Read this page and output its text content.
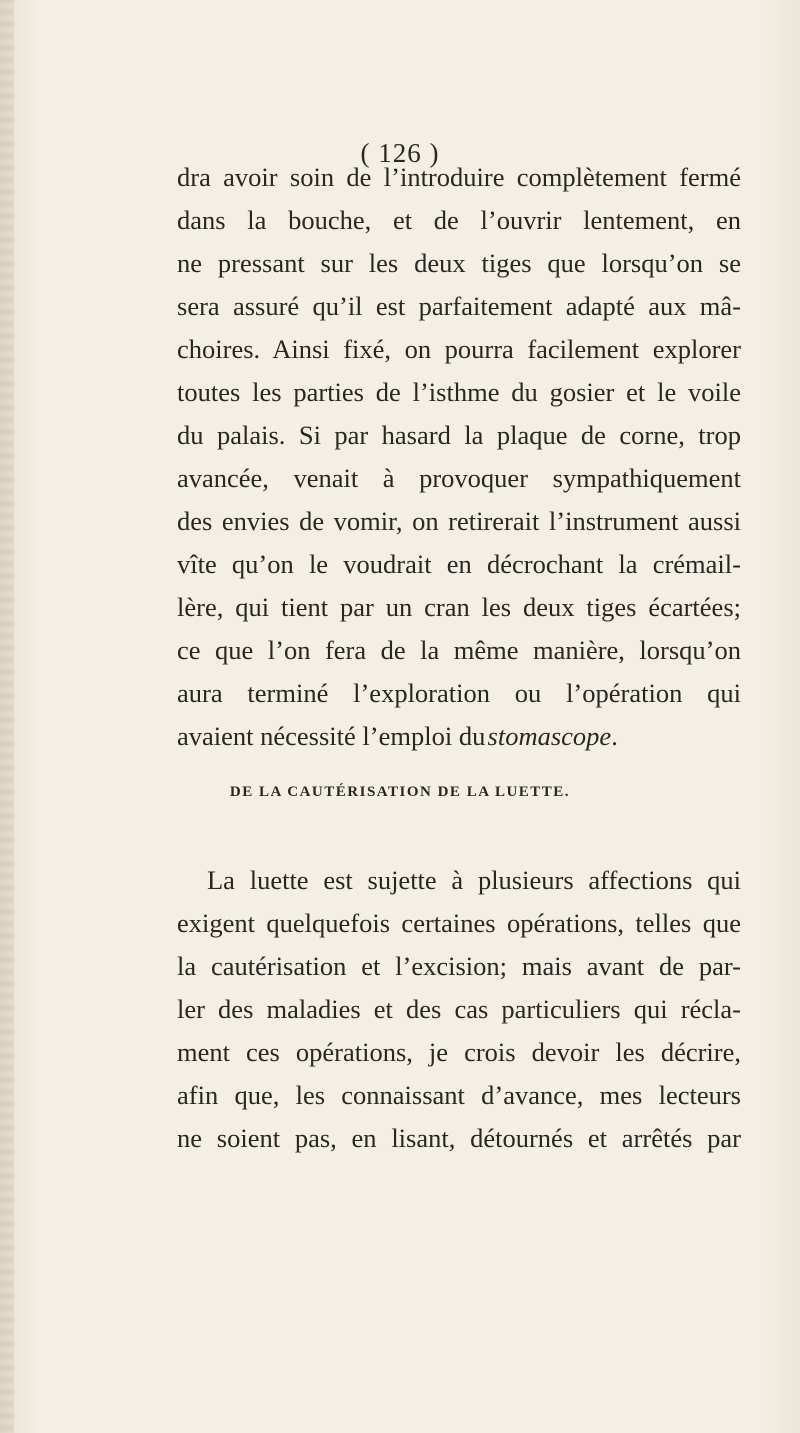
( 126 )
dra avoir soin de l’introduire complètement fermé
dans la bouche, et de l’ouvrir lentement, en
ne pressant sur les deux tiges que lorsqu’on se
sera assuré qu’il est parfaitement adapté aux mâ-
choires. Ainsi fixé, on pourra facilement explorer
toutes les parties de l’isthme du gosier et le voile
du palais. Si par hasard la plaque de corne, trop
avancée, venait à provoquer sympathiquement
des envies de vomir, on retirerait l’instrument aussi
vîte qu’on le voudrait en décrochant la crémail-
lère, qui tient par un cran les deux tiges écartées;
ce que l’on fera de la même manière, lorsqu’on
aura terminé l’exploration ou l’opération qui
avaient nécessité l’emploi du stomascope.
DE LA CAUTÉRISATION DE LA LUETTE.
La luette est sujette à plusieurs affections qui
exigent quelquefois certaines opérations, telles que
la cautérisation et l’excision; mais avant de par-
ler des maladies et des cas particuliers qui récla-
ment ces opérations, je crois devoir les décrire,
afin que, les connaissant d’avance, mes lecteurs
ne soient pas, en lisant, détournés et arrêtés par
